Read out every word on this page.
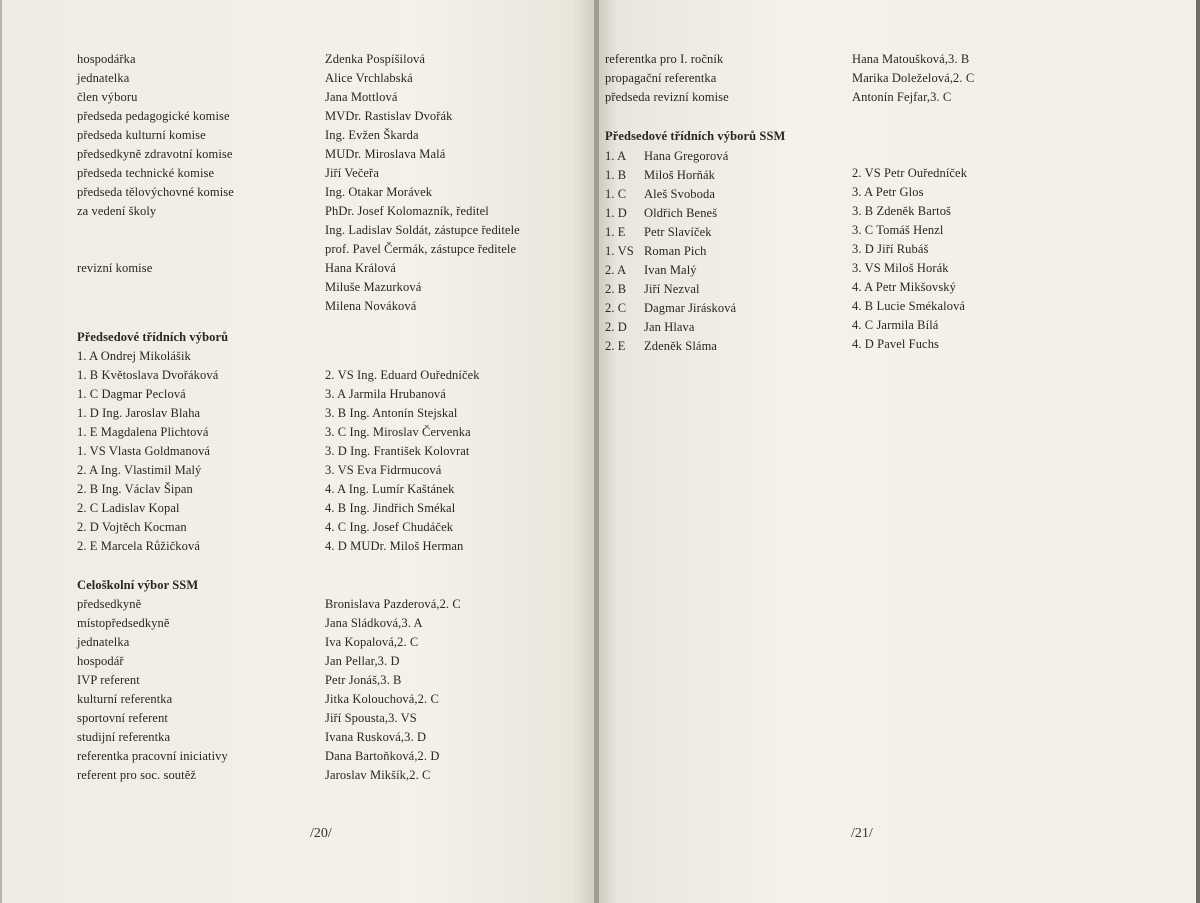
hospodářka	Zdenka Pospíšilová
jednatelka	Alice Vrchlabská
člen výboru	Jana Mottlová
předseda pedagogické komise	MVDr. Rastislav Dvořák
předseda kulturní komise	Ing. Evžen Škarda
předsedkyně zdravotní komise	MUDr. Miroslava Malá
předseda technické komise	Jiří Večeřa
předseda tělovýchovné komise	Ing. Otakar Morávek
za vedení školy	PhDr. Josef Kolomazník, ředitel
Ing. Ladislav Soldát, zástupce ředitele
prof. Pavel Čermák, zástupce ředitele
revizní komise	Hana Králová
Miluše Mazurková
Milena Nováková
Předsedové třídních výborů
1. A Ondrej Mikolášik
1. B Květoslava Dvořáková
1. C Dagmar Peclová
1. D Ing. Jaroslav Blaha
1. E Magdalena Plichtová
1. VS Vlasta Goldmanová
2. A Ing. Vlastimil Malý
2. B Ing. Václav Šipan
2. C Ladislav Kopal
2. D Vojtěch Kocman
2. E Marcela Růžičková
2. VS Ing. Eduard Ouředníček
3. A Jarmila Hrubanová
3. B Ing. Antonín Stejskal
3. C Ing. Miroslav Červenka
3. D Ing. František Kolovrat
3. VS Eva Fidrmucová
4. A Ing. Lumír Kaštánek
4. B Ing. Jindřich Smékal
4. C Ing. Josef Chudáček
4. D MUDr. Miloš Herman
Celoškolní výbor SSM
předsedkyně	Bronislava Pazderová,2. C
místopředsedkyně	Jana Sládková,3. A
jednatelka	Iva Kopalová,2. C
hospodář	Jan Pellar,3. D
IVP referent	Petr Jonáš,3. B
kulturní referentka	Jitka Kolouchová,2. C
sportovní referent	Jiří Spousta,3. VS
studijní referentka	Ivana Rusková,3. D
referentka pracovní iniciativy	Dana Bartoňková,2. D
referent pro soc. soutěž	Jaroslav Mikšík,2. C
/20/
referentka pro I. ročník	Hana Matoušková,3. B
propagační referentka	Marika Doleželová,2. C
předseda revizní komise	Antonín Fejfar,3. C
Předsedové třídních výborů SSM
1. A Hana Gregorová
1. B Miloš Horňák
1. C Aleš Svoboda
1. D Oldřich Beneš
1. E Petr Slavíček
1. VS Roman Pich
2. A Ivan Malý
2. B Jiří Nezval
2. C Dagmar Jirásková
2. D Jan Hlava
2. E Zdeněk Sláma
2. VS Petr Ouředníček
3. A Petr Glos
3. B Zdeněk Bartoš
3. C Tomáš Henzl
3. D Jiří Rubáš
3. VS Miloš Horák
4. A Petr Mikšovský
4. B Lucie Smékalová
4. C Jarmila Bílá
4. D Pavel Fuchs
/21/
